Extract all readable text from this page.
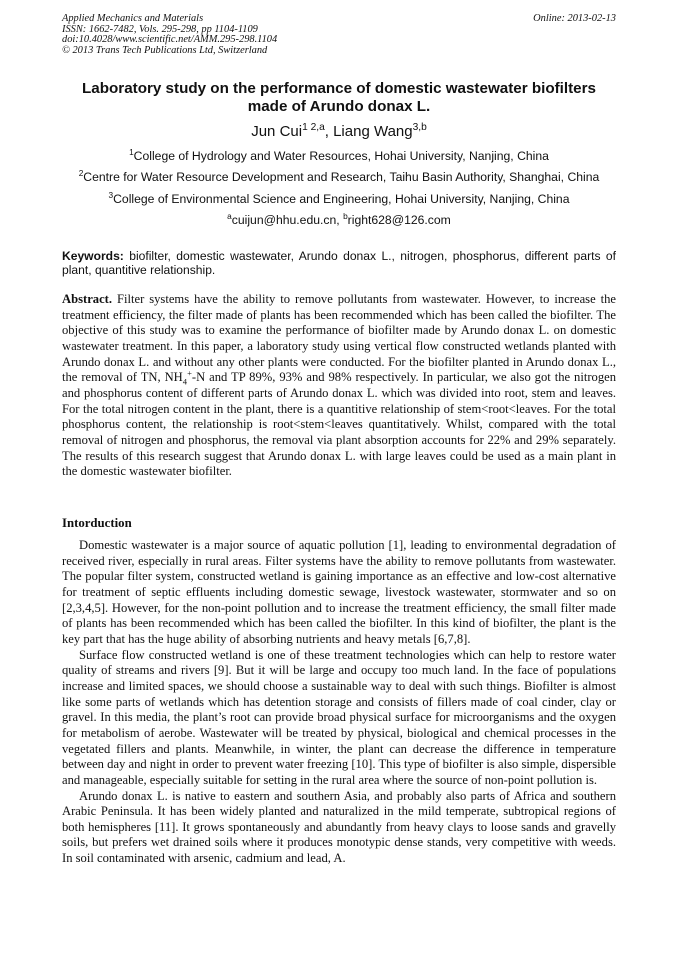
Applied Mechanics and Materials
ISSN: 1662-7482, Vols. 295-298, pp 1104-1109
doi:10.4028/www.scientific.net/AMM.295-298.1104
© 2013 Trans Tech Publications Ltd, Switzerland
Online: 2013-02-13
Laboratory study on the performance of domestic wastewater biofilters
made of Arundo donax L.
Jun Cui$^{1 2,a}$, Liang Wang$^{3,b}$
$^1$College of Hydrology and Water Resources, Hohai University, Nanjing, China
$^2$Centre for Water Resource Development and Research, Taihu Basin Authority, Shanghai, China
$^3$College of Environmental Science and Engineering, Hohai University, Nanjing, China
$^a$cuijun@hhu.edu.cn, $^b$right628@126.com
Keywords: biofilter, domestic wastewater, Arundo donax L., nitrogen, phosphorus, different parts of plant, quantitive relationship.
Abstract. Filter systems have the ability to remove pollutants from wastewater. However, to increase the treatment efficiency, the filter made of plants has been recommended which has been called the biofilter. The objective of this study was to examine the performance of biofilter made by Arundo donax L. on domestic wastewater treatment. In this paper, a laboratory study using vertical flow constructed wetlands planted with Arundo donax L. and without any other plants were conducted. For the biofilter planted in Arundo donax L., the removal of TN, $NH_4^+-N$ and TP 89%, 93% and 98% respectively. In particular, we also got the nitrogen and phosphorus content of different parts of Arundo donax L. which was divided into root, stem and leaves. For the total nitrogen content in the plant, there is a quantitive relationship of stem<root<leaves. For the total phosphorus content, the relationship is root<stem<leaves quantitatively. Whilst, compared with the total removal of nitrogen and phosphorus, the removal via plant absorption accounts for 22% and 29% separately. The results of this research suggest that Arundo donax L. with large leaves could be used as a main plant in the domestic wastewater biofilter.
Intorduction

Domestic wastewater is a major source of aquatic pollution [1], leading to environmental degradation of received river, especially in rural areas. Filter systems have the ability to remove pollutants from wastewater. The popular filter system, constructed wetland is gaining importance as an effective and low-cost alternative for treatment of septic effluents including domestic sewage, livestock wastewater, stormwater and so on [2,3,4,5]. However, for the non-point pollution and to increase the treatment efficiency, the small filter made of plants has been recommended which has been called the biofilter. In this kind of biofilter, the plant is the key part that has the huge ability of absorbing nutrients and heavy metals [6,7,8].

Surface flow constructed wetland is one of these treatment technologies which can help to restore water quality of streams and rivers [9]. But it will be large and occupy too much land. In the face of populations increase and limited spaces, we should choose a sustainable way to deal with such things. Biofilter is almost like some parts of wetlands which has detention storage and consists of fillers made of coal cinder, clay or gravel. In this media, the plant’s root can provide broad physical surface for microorganisms and the oxygen for metabolism of aerobe. Wastewater will be treated by physical, biological and chemical processes in the vegetated fillers and plants. Meanwhile, in winter, the plant can decrease the difference in temperature between day and night in order to prevent water freezing [10]. This type of biofilter is also simple, dispersible and manageable, especially suitable for setting in the rural area where the source of non-point pollution is.

Arundo donax L. is native to eastern and southern Asia, and probably also parts of Africa and southern Arabic Peninsula. It has been widely planted and naturalized in the mild temperate, subtropical regions of both hemispheres [11]. It grows spontaneously and abundantly from heavy clays to loose sands and gravelly soils, but prefers wet drained soils where it produces monotypic dense stands, very competitive with weeds. In soil contaminated with arsenic, cadmium and lead, A.
